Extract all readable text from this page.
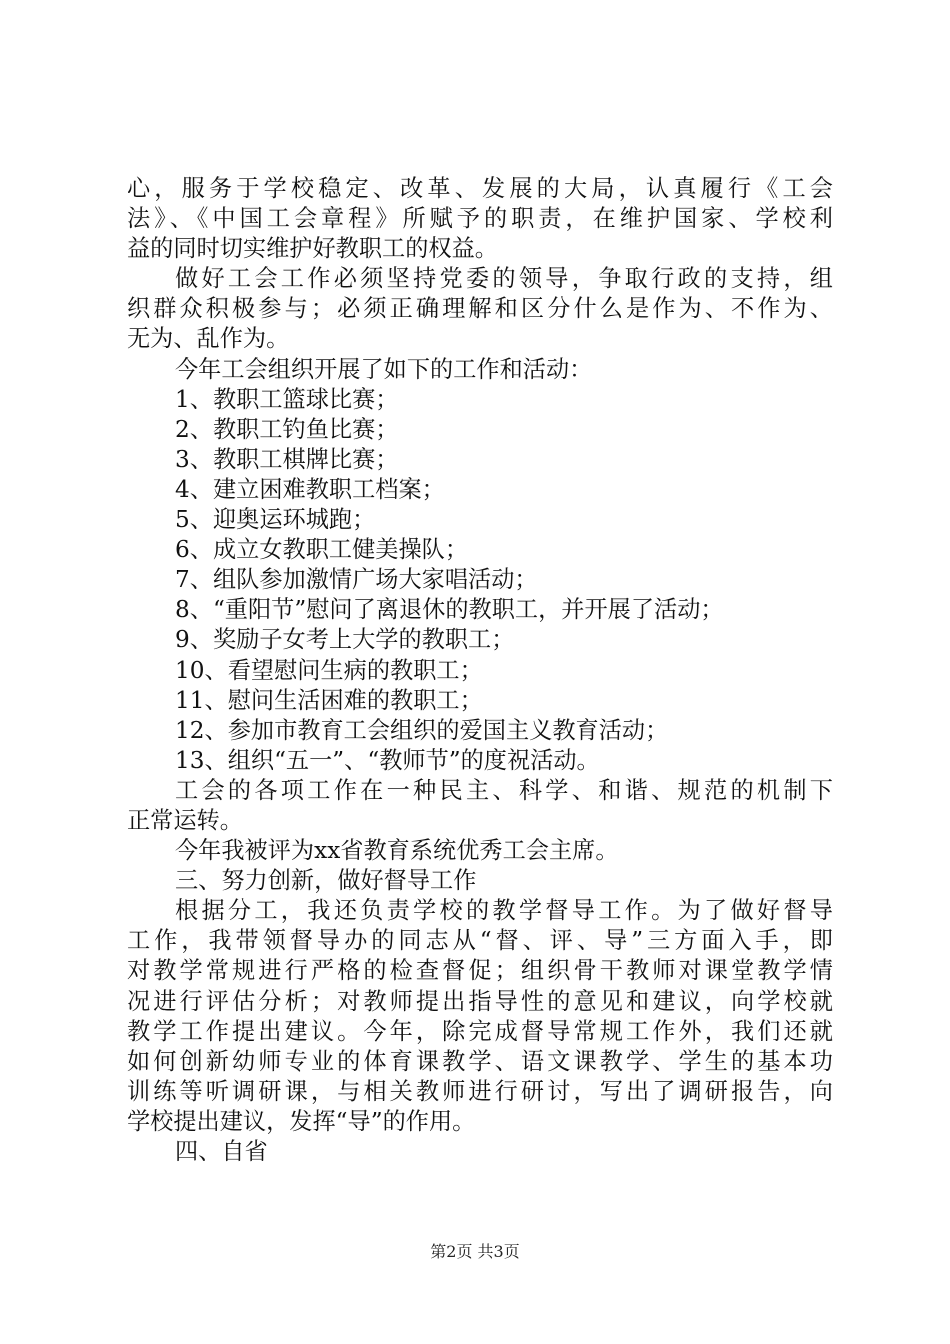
心，服务于学校稳定、改革、发展的大局，认真履行《工会
法》、《中国工会章程》所赋予的职责，在维护国家、学校利
益的同时切实维护好教职工的权益。
做好工会工作必须坚持党委的领导，争取行政的支持，组
织群众积极参与；必须正确理解和区分什么是作为、不作为、
无为、乱作为。
今年工会组织开展了如下的工作和活动：
1、教职工篮球比赛；
2、教职工钓鱼比赛；
3、教职工棋牌比赛；
4、建立困难教职工档案；
5、迎奥运环城跑；
6、成立女教职工健美操队；
7、组队参加激情广场大家唱活动；
8、“重阳节”慰问了离退休的教职工，并开展了活动；
9、奖励子女考上大学的教职工；
10、看望慰问生病的教职工；
11、慰问生活困难的教职工；
12、参加市教育工会组织的爱国主义教育活动；
13、组织“五一”、“教师节”的度祝活动。
工会的各项工作在一种民主、科学、和谐、规范的机制下
正常运转。
今年我被评为xx省教育系统优秀工会主席。
三、努力创新，做好督导工作
根据分工，我还负责学校的教学督导工作。为了做好督导
工作，我带领督导办的同志从“督、评、导”三方面入手，即
对教学常规进行严格的检查督促；组织骨干教师对课堂教学情
况进行评估分析；对教师提出指导性的意见和建议，向学校就
教学工作提出建议。今年，除完成督导常规工作外，我们还就
如何创新幼师专业的体育课教学、语文课教学、学生的基本功
训练等听调研课，与相关教师进行研讨，写出了调研报告，向
学校提出建议，发挥“导”的作用。
四、自省
第2页 共3页
